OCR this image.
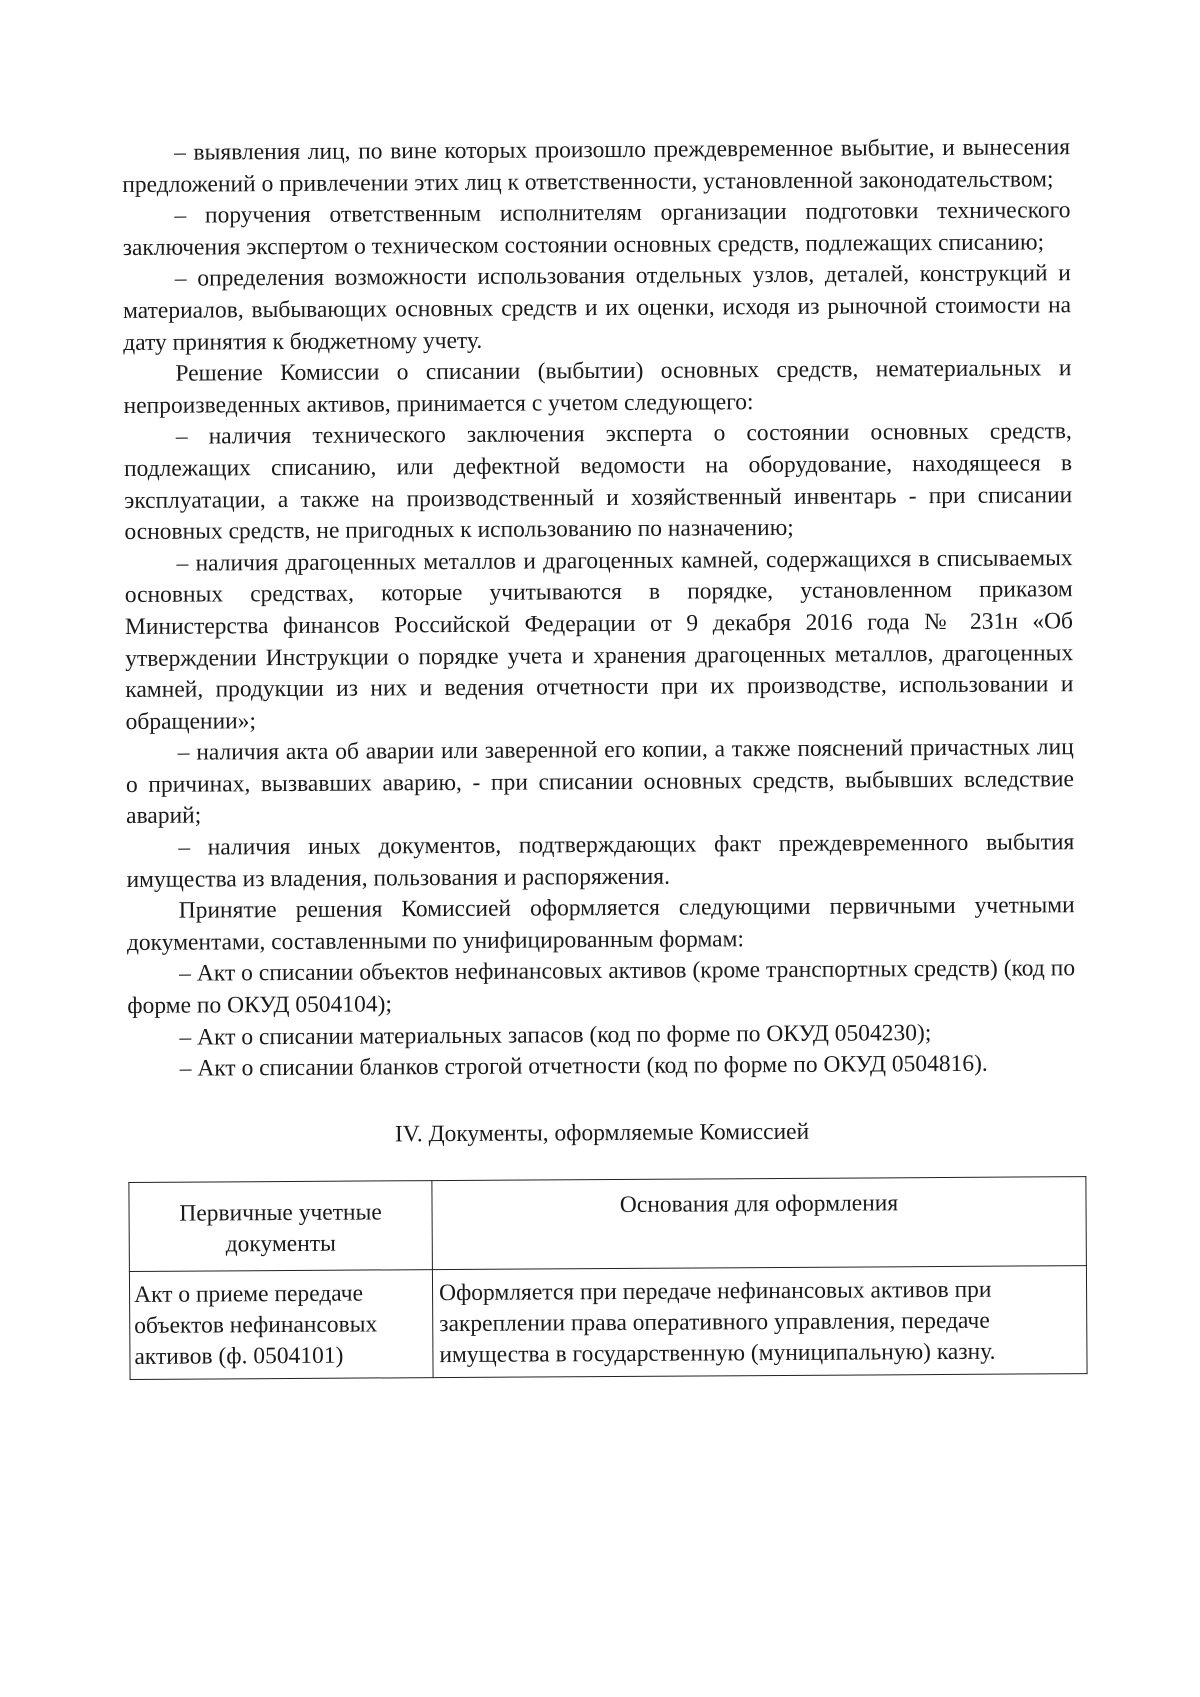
– выявления лиц, по вине которых произошло преждевременное выбытие, и вынесения предложений о привлечении этих лиц к ответственности, установленной законодательством;

– поручения ответственным исполнителям организации подготовки технического заключения экспертом о техническом состоянии основных средств, подлежащих списанию;

– определения возможности использования отдельных узлов, деталей, конструкций и материалов, выбывающих основных средств и их оценки, исходя из рыночной стоимости на дату принятия к бюджетному учету.

Решение Комиссии о списании (выбытии) основных средств, нематериальных и непроизведенных активов, принимается с учетом следующего:

– наличия технического заключения эксперта о состоянии основных средств, подлежащих списанию, или дефектной ведомости на оборудование, находящееся в эксплуатации, а также на производственный и хозяйственный инвентарь - при списании основных средств, не пригодных к использованию по назначению;

– наличия драгоценных металлов и драгоценных камней, содержащихся в списываемых основных средствах, которые учитываются в порядке, установленном приказом Министерства финансов Российской Федерации от 9 декабря 2016 года № 231н «Об утверждении Инструкции о порядке учета и хранения драгоценных металлов, драгоценных камней, продукции из них и ведения отчетности при их производстве, использовании и обращении»;

– наличия акта об аварии или заверенной его копии, а также пояснений причастных лиц о причинах, вызвавших аварию, - при списании основных средств, выбывших вследствие аварий;

– наличия иных документов, подтверждающих факт преждевременного выбытия имущества из владения, пользования и распоряжения.

Принятие решения Комиссией оформляется следующими первичными учетными документами, составленными по унифицированным формам:

– Акт о списании объектов нефинансовых активов (кроме транспортных средств) (код по форме по ОКУД 0504104);

– Акт о списании материальных запасов (код по форме по ОКУД 0504230);

– Акт о списании бланков строгой отчетности (код по форме по ОКУД 0504816).

IV. Документы, оформляемые Комиссией
Первичные учетные документы	Основания для оформления

Акт о приеме передаче
объектов нефинансовых
активов (ф. 0504101)	Оформляется при передаче нефинансовых активов при
закреплении права оперативного управления, передаче
имущества в государственную (муниципальную) казну.
